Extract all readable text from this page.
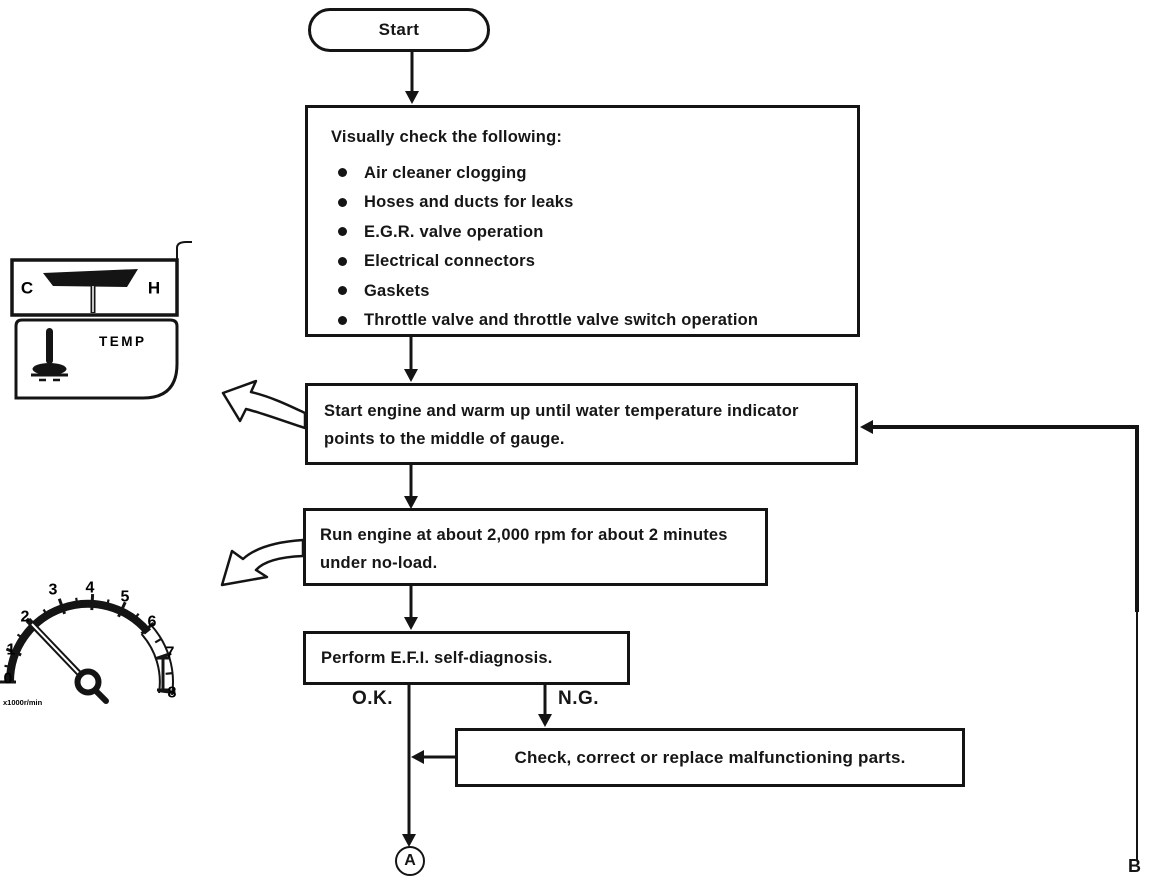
C	H
TEMP
0
1
2
3 4
5
6
7
8
x1000r/min
Start
Visually check the following:
Air cleaner clogging
Hoses and ducts for leaks
E.G.R. valve operation
Electrical connectors
Gaskets
Throttle valve and throttle valve switch operation
Start engine and warm up until water temperature indicator points to the middle of gauge.
Run engine at about 2,000 rpm for about 2 minutes under no-load.
Perform E.F.I. self-diagnosis.
O.K.	N.G.
Check, correct or replace malfunctioning parts.
A	B
